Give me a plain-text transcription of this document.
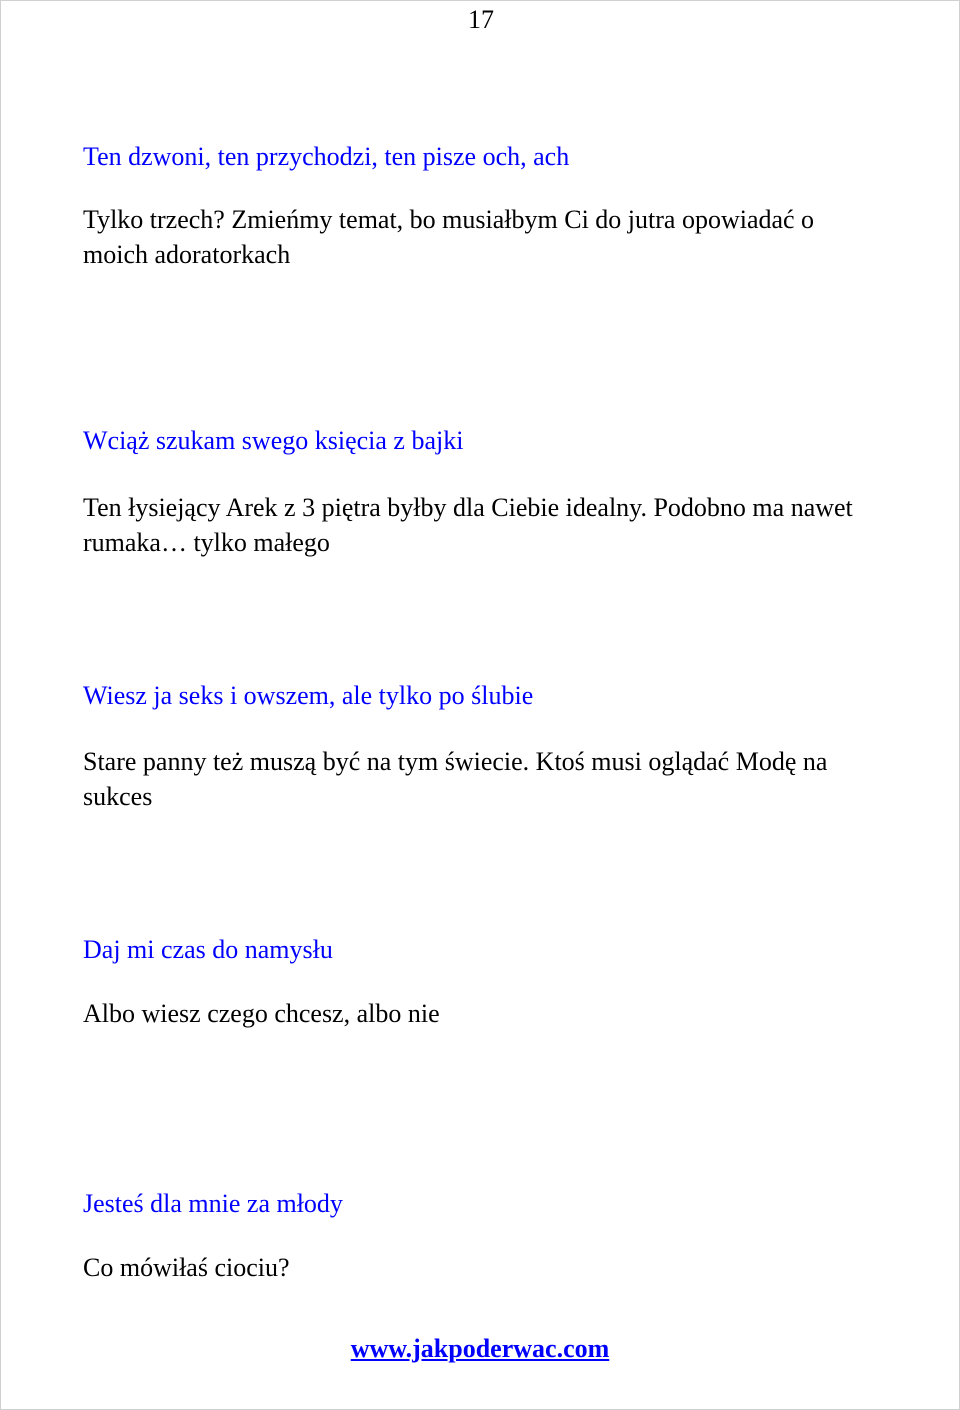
17

Ten dzwoni, ten przychodzi, ten pisze och, ach

Tylko trzech? Zmieńmy temat, bo musiałbym Ci do jutra opowiadać o moich adoratorkach

Wciąż szukam swego księcia z bajki

Ten łysiejący Arek z 3 piętra byłby dla Ciebie idealny. Podobno ma nawet rumaka… tylko małego

Wiesz ja seks i owszem, ale tylko po ślubie

Stare panny też muszą być na tym świecie. Ktoś musi oglądać Modę na sukces

Daj mi czas do namysłu

Albo wiesz czego chcesz, albo nie

Jesteś dla mnie za młody

Co mówiłaś ciociu?

www.jakpoderwac.com
